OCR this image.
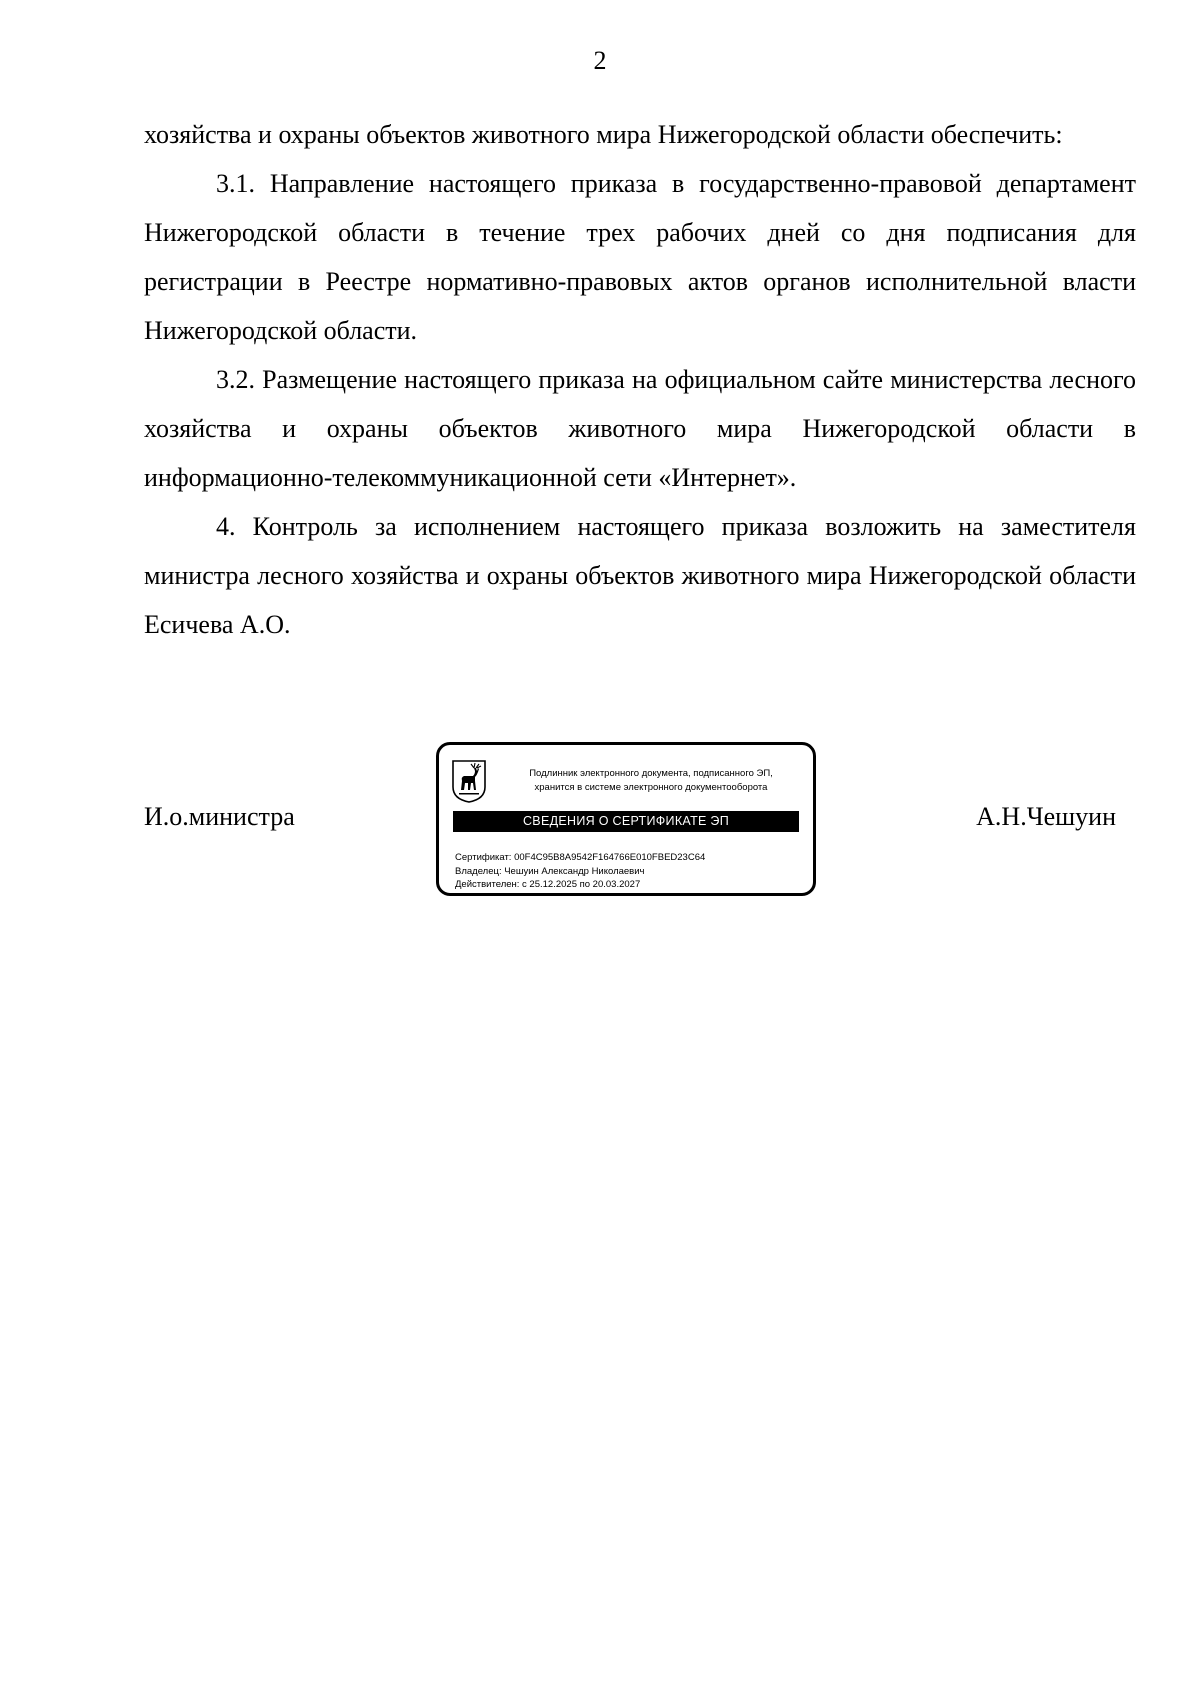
2

хозяйства и охраны объектов животного мира Нижегородской области обеспечить:

3.1. Направление настоящего приказа в государственно-правовой департамент Нижегородской области в течение трех рабочих дней со дня подписания для регистрации в Реестре нормативно-правовых актов органов исполнительной власти Нижегородской области.

3.2. Размещение настоящего приказа на официальном сайте министерства лесного хозяйства и охраны объектов животного мира Нижегородской области в информационно-телекоммуникационной сети «Интернет».

4. Контроль за исполнением настоящего приказа возложить на заместителя министра лесного хозяйства и охраны объектов животного мира Нижегородской области Есичева А.О.

И.о.министра
Подлинник электронного документа, подписанного ЭП,
хранится в системе электронного документооборота
СВЕДЕНИЯ О СЕРТИФИКАТЕ ЭП
Сертификат: 00F4C95B8A9542F164766E010FBED23C64
Владелец: Чешуин Александр Николаевич
Действителен: с 25.12.2025 по 20.03.2027
А.Н.Чешуин
